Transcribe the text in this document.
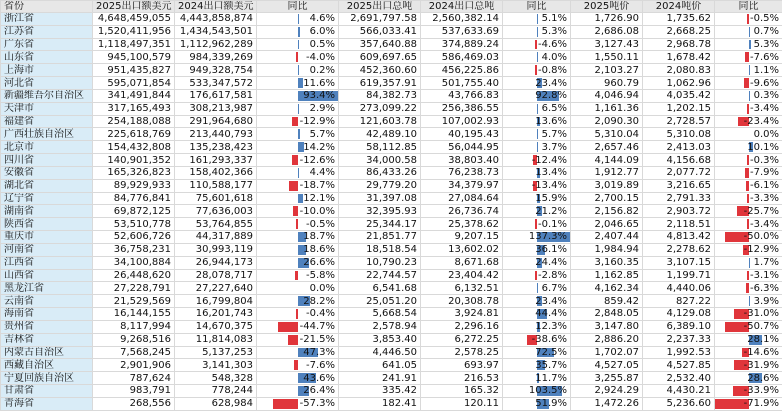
省份	2025出口额美元	2024出口额美元	同比	2025出口总吨	2024出口总吨	同比	2025吨价	2024吨价	同比
浙江省	4,648,459,055	4,443,858,874	4.6%	2,691,797.58	2,560,382.14	5.1%	1,726.90	1,735.62	-0.5%

江苏省	1,520,411,956	1,434,543,501	6.0%	566,033.41	537,633.69	5.3%	2,686.08	2,668.25	0.7%

广东省	1,118,497,351	1,112,962,289	0.5%	357,640.88	374,889.24	-4.6%	3,127.43	2,968.78	5.3%

山东省	945,100,579	984,339,269	-4.0%	609,697.65	586,469.03	4.0%	1,550.11	1,678.42	-7.6%

上海市	951,435,827	949,328,754	0.2%	452,360.60	456,225.86	-0.8%	2,103.27	2,080.83	1.1%

河北省	595,071,854	533,347,572	11.6%	619,357.91	501,755.40	23.4%	960.79	1,062.96	-9.6%

新疆维吾尔自治区	341,491,844	176,617,581	93.4%	84,382.73	43,766.83	92.8%	4,046.94	4,035.42	0.3%

天津市	317,165,493	308,213,987	2.9%	273,099.22	256,386.55	6.5%	1,161.36	1,202.15	-3.4%

福建省	254,188,088	291,964,680	-12.9%	121,603.78	107,002.93	13.6%	2,090.30	2,728.57	-23.4%

广西壮族自治区	225,618,769	213,440,793	5.7%	42,489.10	40,195.43	5.7%	5,310.04	5,310.08	0.0%

北京市	154,432,808	135,238,423	14.2%	58,112.85	56,044.95	3.7%	2,657.46	2,413.03	10.1%

四川省	140,901,352	161,293,337	-12.6%	34,000.58	38,803.40	-12.4%	4,144.09	4,156.68	-0.3%

安徽省	165,326,823	158,402,366	4.4%	86,433.26	76,238.73	13.4%	1,912.77	2,077.72	-7.9%

湖北省	89,929,933	110,588,177	-18.7%	29,779.20	34,379.97	-13.4%	3,019.89	3,216.65	-6.1%

辽宁省	84,776,841	75,601,618	12.1%	31,397.08	27,084.64	15.9%	2,700.15	2,791.33	-3.3%

湖南省	69,872,125	77,636,003	-10.0%	32,395.93	26,736.74	21.2%	2,156.82	2,903.72	-25.7%

陕西省	53,510,778	53,764,855	-0.5%	25,344.17	25,378.62	-0.1%	2,046.65	2,118.51	-3.4%

重庆市	52,606,726	44,317,889	18.7%	21,851.77	9,207.15	137.3%	2,407.44	4,813.42	-50.0%

河南省	36,758,231	30,993,119	18.6%	18,518.54	13,602.02	36.1%	1,984.94	2,278.62	-12.9%

江西省	34,100,884	26,944,173	26.6%	10,790.23	8,671.68	24.4%	3,160.35	3,107.15	1.7%

山西省	26,448,620	28,078,717	-5.8%	22,744.57	23,404.42	-2.8%	1,162.85	1,199.71	-3.1%

黑龙江省	27,228,791	27,227,640	0.0%	6,541.68	6,132.51	6.7%	4,162.34	4,440.06	-6.3%

云南省	21,529,569	16,799,804	28.2%	25,051.20	20,308.78	23.4%	859.42	827.22	3.9%

海南省	16,144,155	16,201,743	-0.4%	5,668.54	3,924.81	44.4%	2,848.05	4,129.08	-31.0%

贵州省	8,117,994	14,670,375	-44.7%	2,578.94	2,296.16	12.3%	3,147.80	6,389.10	-50.7%

吉林省	9,268,516	11,814,083	-21.5%	3,853.40	6,272.25	-38.6%	2,886.20	2,237.33	28.1%

内蒙古自治区	7,568,245	5,137,253	47.3%	4,446.50	2,578.25	72.5%	1,702.07	1,992.53	-14.6%

西藏自治区	2,901,906	3,141,303	-7.6%	641.05	693.97	35.7%	4,527.05	4,527.85	-31.9%

宁夏回族自治区	787,624	548,328	43.6%	241.91	216.53	11.7%	3,255.87	2,532.40	28.6%

甘肃省	983,791	778,244	26.4%	335.42	165.32	103.5%	2,924.29	4,430.21	-33.9%

青海省	268,556	628,984	-57.3%	182.41	120.11	51.9%	1,472.26	5,236.60	-71.9%
